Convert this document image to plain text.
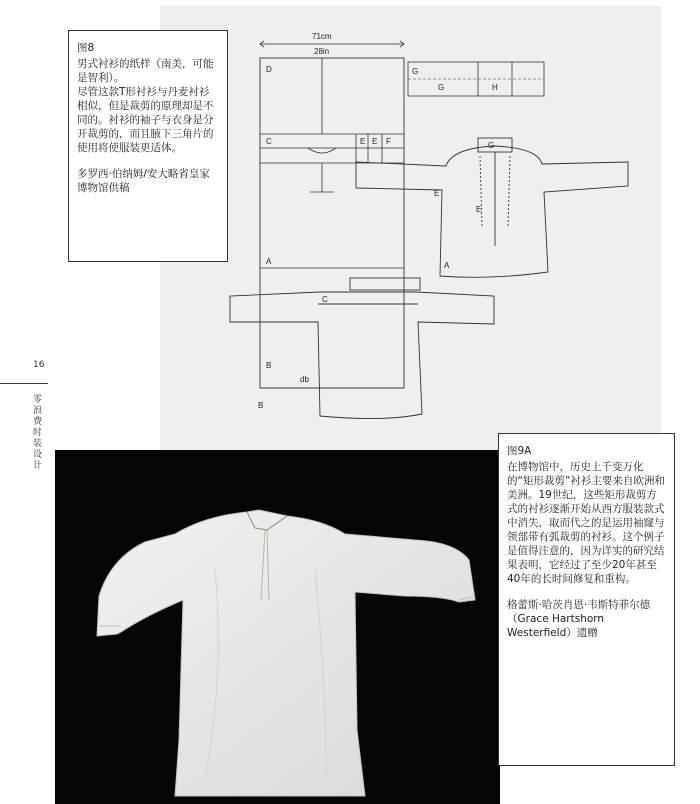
16
零浪费时装设计
71cm
28in
D
C	E E F
A
B
B
G	H
G
G
E
E
A
C
db

图8

男式衬衫的纸样（南美，可能是智利）。
尽管这款T形衬衫与丹麦衬衫相似，但是裁剪的原理却是不同的。衬衫的袖子与衣身是分开裁剪的，而且腋下三角片的使用将使服装更适体。

多罗西·伯纳姆/安大略省皇家博物馆供稿

图9A

在博物馆中，历史上千变万化的“矩形裁剪”衬衫主要来自欧洲和美洲。19世纪，这些矩形裁剪方式的衬衫逐渐开始从西方服装款式中消失，取而代之的是运用袖窿与领部带有弧裁剪的衬衫。这个例子是值得注意的，因为详实的研究结果表明，它经过了至少20年甚至40年的长时间修复和重构。

格蕾斯·哈茨肖恩·韦斯特菲尔德（Grace Hartshorn Westerfield）遗赠
